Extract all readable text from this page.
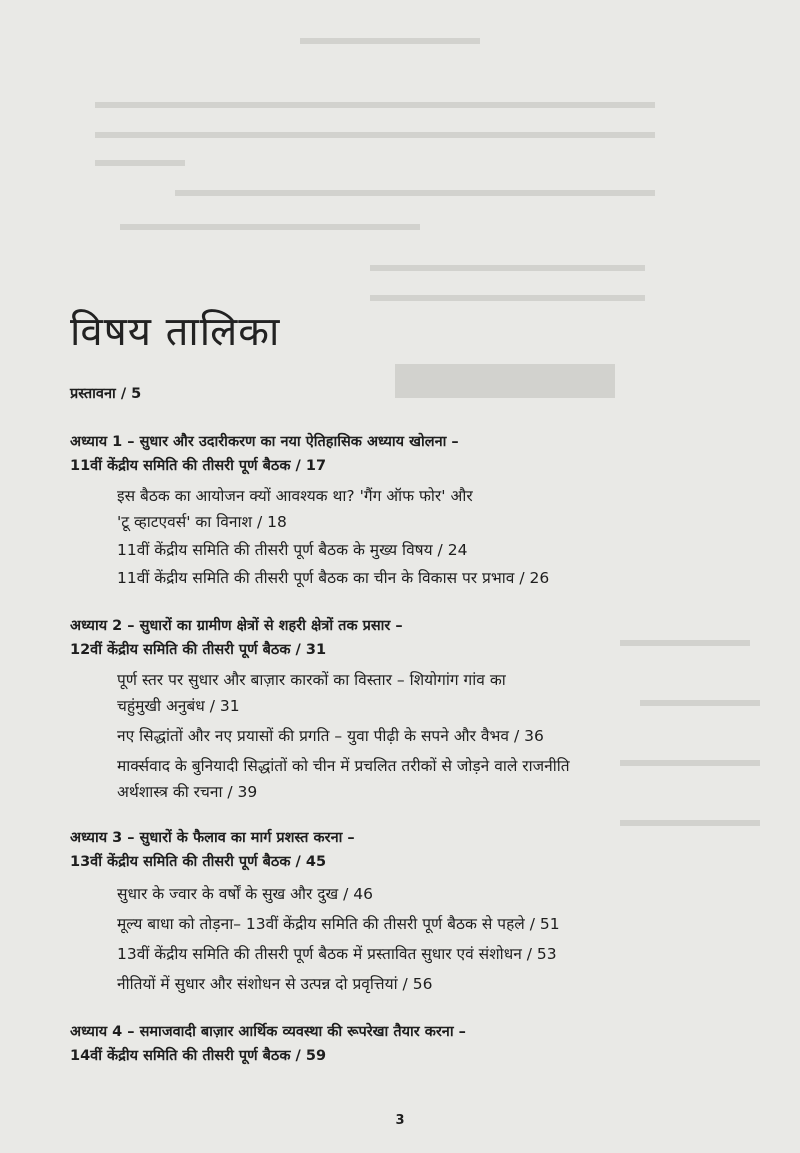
विषय तालिका
प्रस्तावना / 5
अध्याय 1 – सुधार और उदारीकरण का नया ऐतिहासिक अध्याय खोलना –
11वीं केंद्रीय समिति की तीसरी पूर्ण बैठक / 17
इस बैठक का आयोजन क्यों आवश्यक था? 'गैंग ऑफ फोर' और
'टू व्हाटएवर्स' का विनाश / 18
11वीं केंद्रीय समिति की तीसरी पूर्ण बैठक के मुख्य विषय / 24
11वीं केंद्रीय समिति की तीसरी पूर्ण बैठक का चीन के विकास पर प्रभाव / 26
अध्याय 2 – सुधारों का ग्रामीण क्षेत्रों से शहरी क्षेत्रों तक प्रसार –
12वीं केंद्रीय समिति की तीसरी पूर्ण बैठक / 31
पूर्ण स्तर पर सुधार और बाज़ार कारकों का विस्तार – शियोगांग गांव का
चहुंमुखी अनुबंध / 31
नए सिद्धांतों और नए प्रयासों की प्रगति – युवा पीढ़ी के सपने और वैभव / 36
मार्क्सवाद के बुनियादी सिद्धांतों को चीन में प्रचलित तरीकों से जोड़ने वाले राजनीति
अर्थशास्त्र की रचना / 39
अध्याय 3 – सुधारों के फैलाव का मार्ग प्रशस्त करना –
13वीं केंद्रीय समिति की तीसरी पूर्ण बैठक / 45
सुधार के ज्वार के वर्षों के सुख और दुख / 46
मूल्य बाधा को तोड़ना– 13वीं केंद्रीय समिति की तीसरी पूर्ण बैठक से पहले / 51
13वीं केंद्रीय समिति की तीसरी पूर्ण बैठक में प्रस्तावित सुधार एवं संशोधन / 53
नीतियों में सुधार और संशोधन से उत्पन्न दो प्रवृत्तियां / 56
अध्याय 4 – समाजवादी बाज़ार आर्थिक व्यवस्था की रूपरेखा तैयार करना –
14वीं केंद्रीय समिति की तीसरी पूर्ण बैठक / 59
3
